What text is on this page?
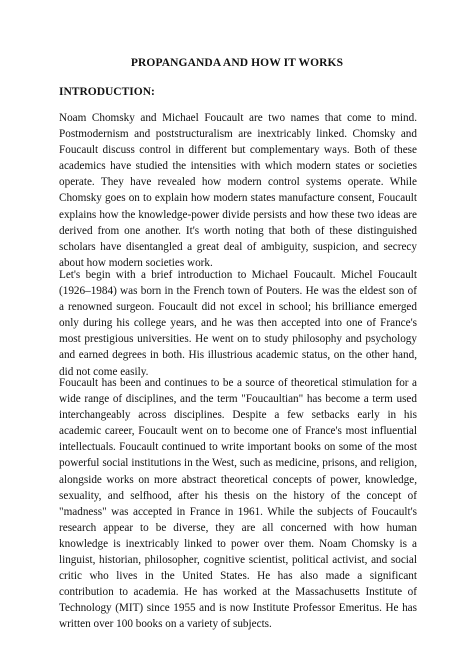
PROPANGANDA AND HOW IT WORKS
INTRODUCTION:

Noam Chomsky and Michael Foucault are two names that come to mind. Postmodernism and poststructuralism are inextricably linked. Chomsky and Foucault discuss control in different but complementary ways. Both of these academics have studied the intensities with which modern states or societies operate. They have revealed how modern control systems operate. While Chomsky goes on to explain how modern states manufacture consent, Foucault explains how the knowledge-power divide persists and how these two ideas are derived from one another. It's worth noting that both of these distinguished scholars have disentangled a great deal of ambiguity, suspicion, and secrecy about how modern societies work.

Let's begin with a brief introduction to Michael Foucault. Michel Foucault (1926–1984) was born in the French town of Pouters. He was the eldest son of a renowned surgeon. Foucault did not excel in school; his brilliance emerged only during his college years, and he was then accepted into one of France's most prestigious universities. He went on to study philosophy and psychology and earned degrees in both. His illustrious academic status, on the other hand, did not come easily.

Foucault has been and continues to be a source of theoretical stimulation for a wide range of disciplines, and the term "Foucaultian" has become a term used interchangeably across disciplines. Despite a few setbacks early in his academic career, Foucault went on to become one of France's most influential intellectuals. Foucault continued to write important books on some of the most powerful social institutions in the West, such as medicine, prisons, and religion, alongside works on more abstract theoretical concepts of power, knowledge, sexuality, and selfhood, after his thesis on the history of the concept of "madness" was accepted in France in 1961. While the subjects of Foucault's research appear to be diverse, they are all concerned with how human knowledge is inextricably linked to power over them. Noam Chomsky is a linguist, historian, philosopher, cognitive scientist, political activist, and social critic who lives in the United States. He has also made a significant contribution to academia. He has worked at the Massachusetts Institute of Technology (MIT) since 1955 and is now Institute Professor Emeritus. He has written over 100 books on a variety of subjects.
